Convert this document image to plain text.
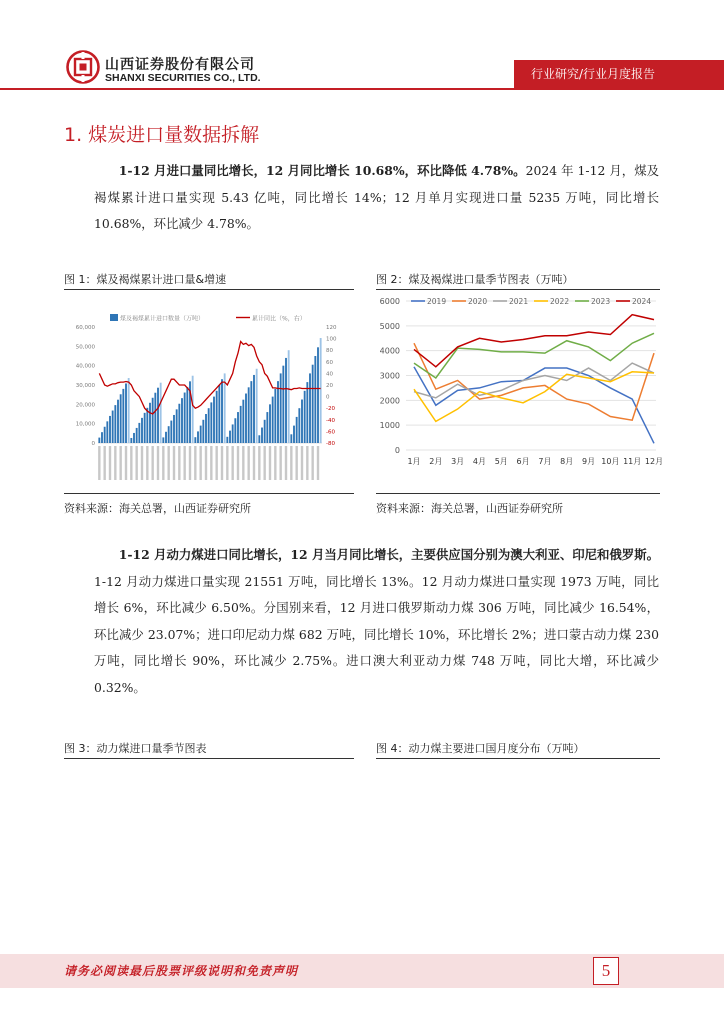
山西证券股份有限公司
SHANXI SECURITIES CO., LTD.	行业研究/行业月度报告
1. 煤炭进口量数据拆解

  1-12 月进口量同比增长，12 月同比增长 10.68%，环比降低 4.78%。2024 年 1-12 月，煤及褐煤累计进口量实现 5.43 亿吨，同比增长 14%；12 月单月实现进口量 5235 万吨，同比增长 10.68%，环比减少 4.78%。

图 1：煤及褐煤累计进口量&增速
煤及褐煤累计进口数量（万吨）	累计同比（%，右）
60,000
50,000
40,000
30,000
20,000
10,000
0
120
100
80
60
40
20
0
-20
-40
-60
-80
资料来源：海关总署，山西证券研究所
图 2：煤及褐煤进口量季节图表（万吨）
6000
5000
4000
3000
2000
1000
0
1月 2月 3月 4月 5月 6月 7月 8月 9月 10月 11月 12月
2019	2020	2021	2022	2023	2024
资料来源：海关总署，山西证券研究所

  1-12 月动力煤进口同比增长，12 月当月同比增长，主要供应国分别为澳大利亚、印尼和俄罗斯。1-12 月动力煤进口量实现 21551 万吨，同比增长 13%。12 月动力煤进口量实现 1973 万吨，同比增长 6%，环比减少 6.50%。分国别来看，12 月进口俄罗斯动力煤 306 万吨，同比减少 16.54%，环比减少 23.07%；进口印尼动力煤 682 万吨，同比增长 10%，环比增长 2%；进口蒙古动力煤 230 万吨，同比增长 90%，环比减少 2.75%。进口澳大利亚动力煤 748 万吨，同比大增，环比减少 0.32%。

图 3：动力煤进口量季节图表	图 4：动力煤主要进口国月度分布（万吨）
请务必阅读最后股票评级说明和免责声明	5
